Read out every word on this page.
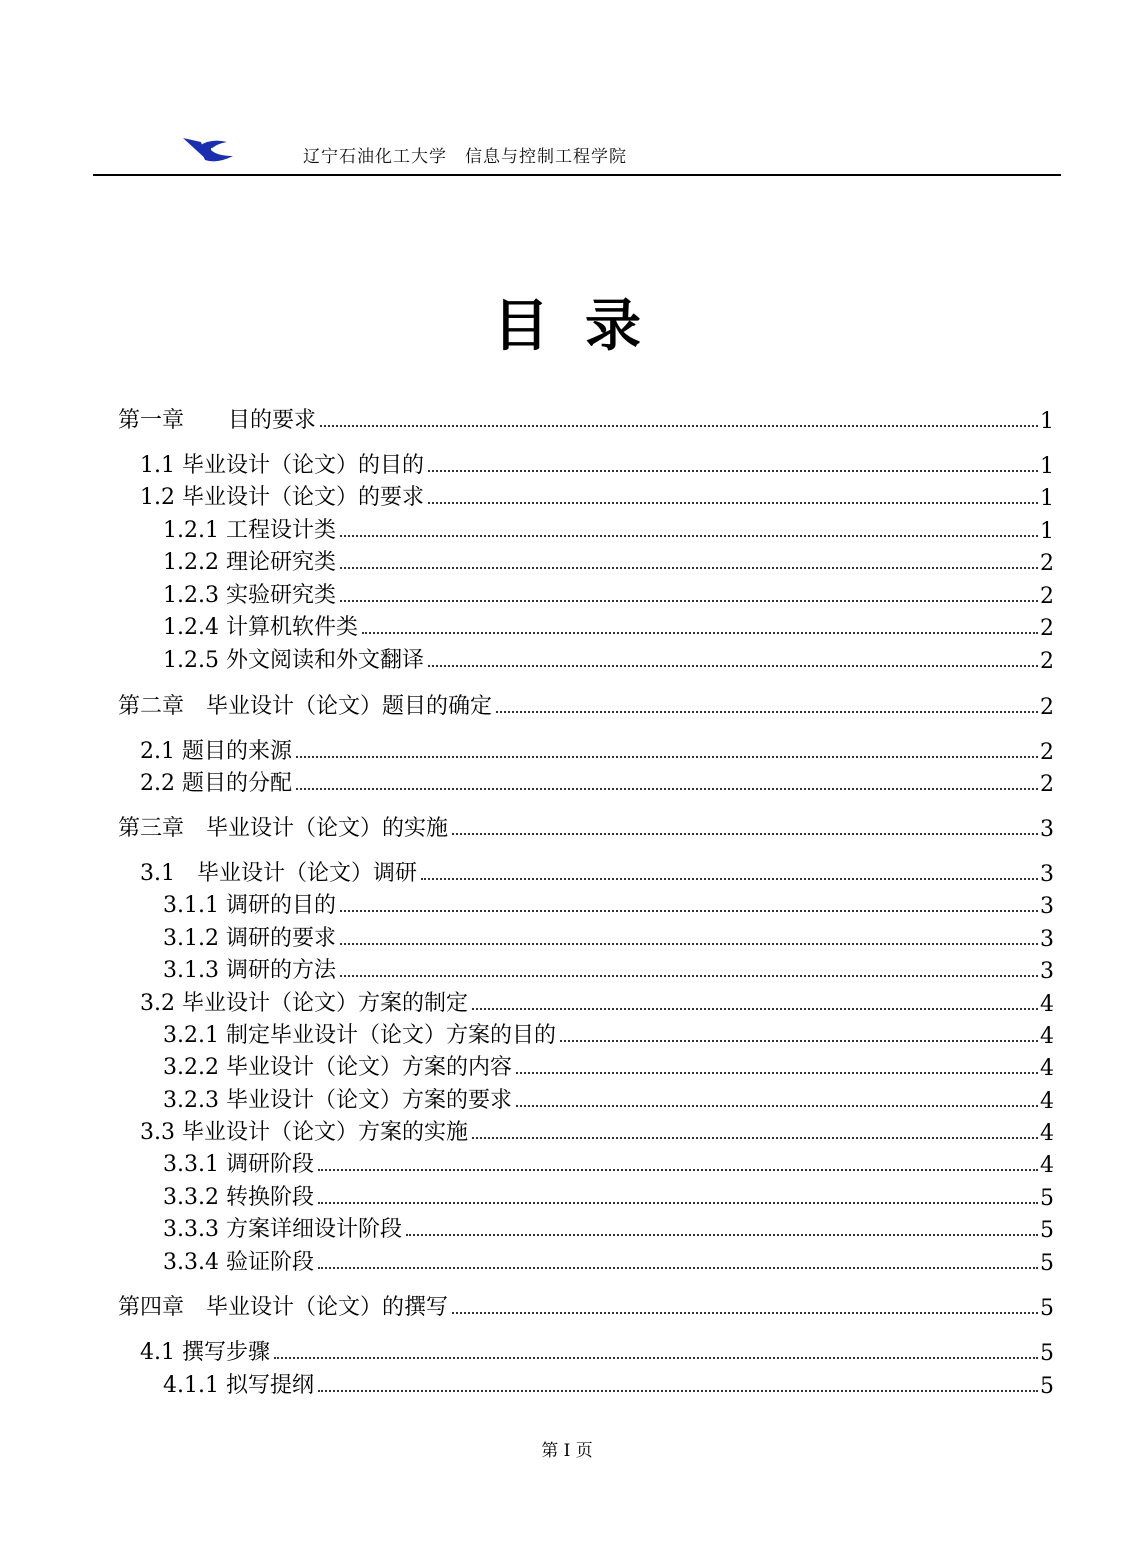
辽宁石油化工大学　信息与控制工程学院
目录
第一章　　目的要求	1
1.1 毕业设计（论文）的目的	1
1.2 毕业设计（论文）的要求	1
1.2.1 工程设计类	1
1.2.2 理论研究类	2
1.2.3 实验研究类	2
1.2.4 计算机软件类	2
1.2.5 外文阅读和外文翻译	2
第二章　毕业设计（论文）题目的确定	2
2.1 题目的来源	2
2.2 题目的分配	2
第三章　毕业设计（论文）的实施	3
3.1　毕业设计（论文）调研	3
3.1.1 调研的目的	3
3.1.2 调研的要求	3
3.1.3 调研的方法	3
3.2 毕业设计（论文）方案的制定	4
3.2.1 制定毕业设计（论文）方案的目的	4
3.2.2 毕业设计（论文）方案的内容	4
3.2.3 毕业设计（论文）方案的要求	4
3.3 毕业设计（论文）方案的实施	4
3.3.1 调研阶段	4
3.3.2 转换阶段	5
3.3.3 方案详细设计阶段	5
3.3.4 验证阶段	5
第四章　毕业设计（论文）的撰写	5
4.1 撰写步骤	5
4.1.1 拟写提纲	5
第 I 页
